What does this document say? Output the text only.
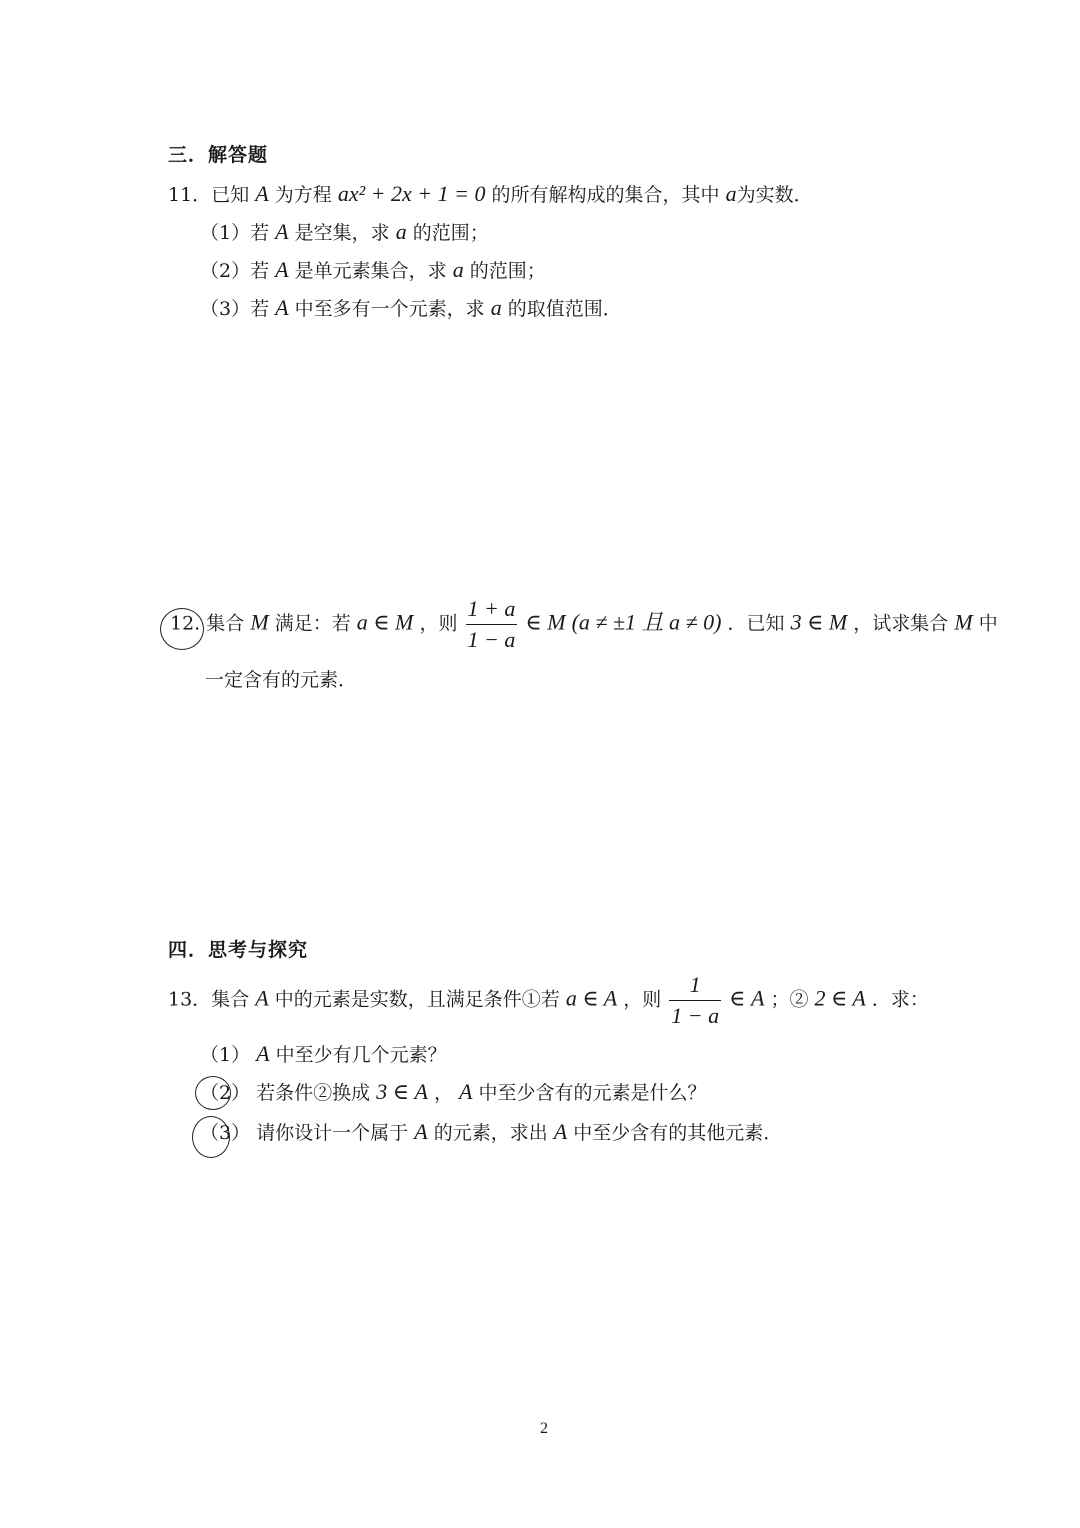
三．解答题
11．已知 A 为方程 ax² + 2x + 1 = 0 的所有解构成的集合，其中 a为实数．
（1）若 A 是空集，求 a 的范围；
（2）若 A 是单元素集合，求 a 的范围；
（3）若 A 中至多有一个元素，求 a 的取值范围．
12. 集合 M 满足：若 a ∈ M ，则 $\frac{1 + a}{1 - a}$ ∈ M (a ≠ ±1 且 a ≠ 0) ．已知 3 ∈ M ，试求集合 M 中
一定含有的元素．
四．思考与探究
13．集合 A 中的元素是实数，且满足条件①若 a ∈ A ，则 $\frac{1}{1 - a}$ ∈ A ；② 2 ∈ A ．求：
（1） A 中至少有几个元素？
（2） 若条件②换成 3 ∈ A ， A 中至少含有的元素是什么？
（3） 请你设计一个属于 A 的元素，求出 A 中至少含有的其他元素．
2
